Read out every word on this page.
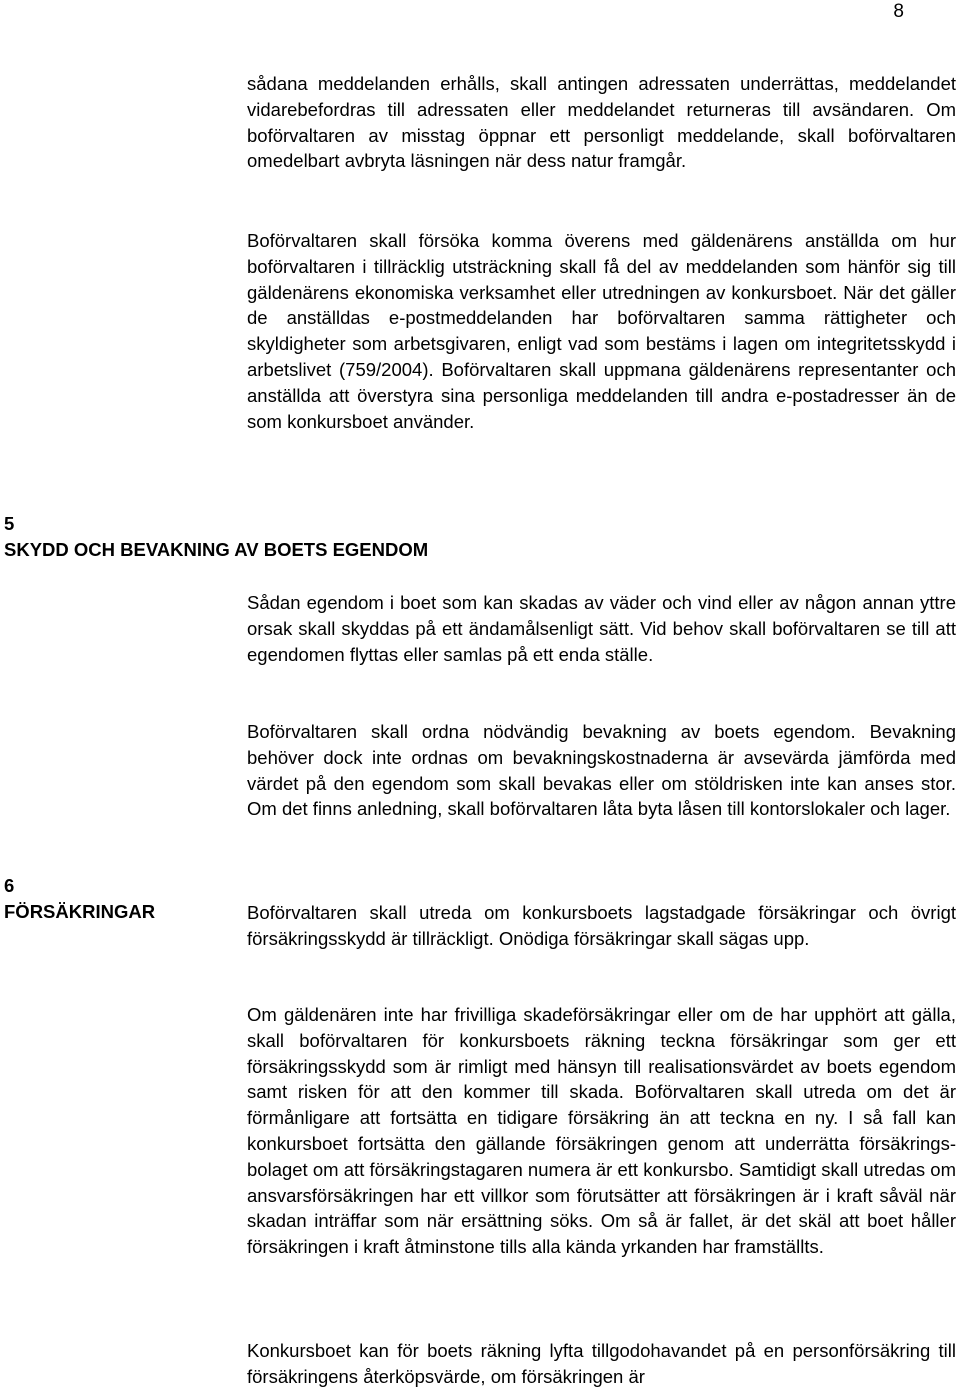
8

sådana meddelanden erhålls, skall antingen adressaten underrättas, meddelandet vidarebefordras till adressaten eller meddelandet returneras till avsändaren. Om boförvaltaren av misstag öppnar ett personligt meddelande, skall boförvaltaren omedelbart avbryta läsningen när dess natur framgår.

Boförvaltaren skall försöka komma överens med gäldenärens anställda om hur boförvaltaren i tillräcklig utsträckning skall få del av meddelanden som hänför sig till gäldenärens ekonomiska verksamhet eller utredningen av konkursboet. När det gäller de anställdas e-postmeddelanden har boförvaltaren samma rättigheter och skyldigheter som arbetsgivaren, enligt vad som bestäms i lagen om integritetsskydd i arbetslivet (759/2004). Boförvaltaren skall uppmana gäldenärens representanter och anställda att överstyra sina personliga meddelanden till andra e-postadresser än de som konkursboet använder.

5
SKYDD OCH BEVAKNING AV BOETS EGENDOM

Sådan egendom i boet som kan skadas av väder och vind eller av någon annan yttre orsak skall skyddas på ett ändamålsenligt sätt. Vid behov skall boförvaltaren se till att egendomen flyttas eller samlas på ett enda ställe.

Boförvaltaren skall ordna nödvändig bevakning av boets egendom. Bevakning behöver dock inte ordnas om bevakningskostnaderna är avsevärda jämförda med värdet på den egendom som skall bevakas eller om stöldrisken inte kan anses stor. Om det finns anledning, skall boförvaltaren låta byta låsen till kontorslokaler och lager.

6
FÖRSÄKRINGAR	Boförvaltaren skall utreda om konkursboets lagstadgade försäkringar och övrigt försäkringsskydd är tillräckligt. Onödiga försäkringar skall sägas upp.

Om gäldenären inte har frivilliga skadeförsäkringar eller om de har upphört att gälla, skall boförvaltaren för konkursboets räkning teckna försäkringar som ger ett försäkringsskydd som är rimligt med hänsyn till realisationsvärdet av boets egendom samt risken för att den kommer till skada. Boförvaltaren skall utreda om det är förmånligare att fortsätta en tidigare försäkring än att teckna en ny. I så fall kan konkursboet fortsätta den gällande försäkringen genom att underrätta försäkrings-bolaget om att försäkringstagaren numera är ett konkursbo. Samtidigt skall utredas om ansvarsförsäkringen har ett villkor som förutsätter att försäkringen är i kraft såväl när skadan inträffar som när ersättning söks. Om så är fallet, är det skäl att boet håller försäkringen i kraft åtminstone tills alla kända yrkanden har framställts.

Konkursboet kan för boets räkning lyfta tillgodohavandet på en personförsäkring till försäkringens återköpsvärde, om försäkringen är
